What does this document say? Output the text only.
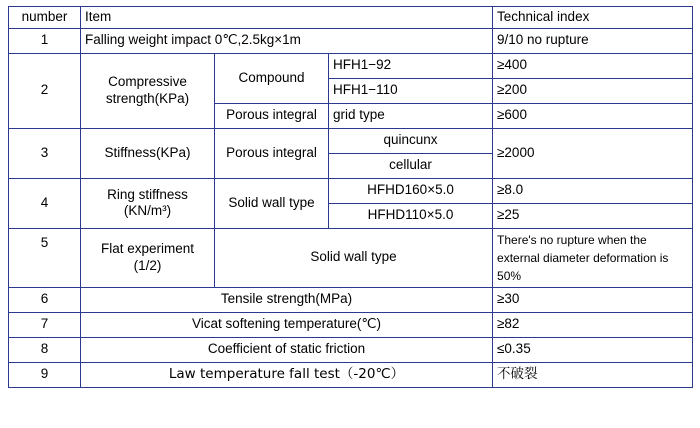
number	Item			Technical index
1	Falling weight impact 0℃,2.5kg×1m			9/10 no rupture
2	Compressive strength(KPa)	Compound	HFH1−92	≥400
			HFH1−110	≥200
		Porous integral	grid type	≥600
3	Stiffness(KPa)	Porous integral	quincunx	≥2000
			cellular	
4	Ring stiffness
(KN/m³)	Solid wall type	HFHD160×5.0	≥8.0
			HFHD110×5.0	≥25
5	Flat experiment
(1/2)	Solid wall type		There's no rupture when the
external diameter deformation is 50%
6	Tensile strength(MPa)			≥30
7	Vicat softening temperature(℃)			≥82
8	Coefficient of static friction			≤0.35
9	Law temperature fall test（-20℃）			不破裂
